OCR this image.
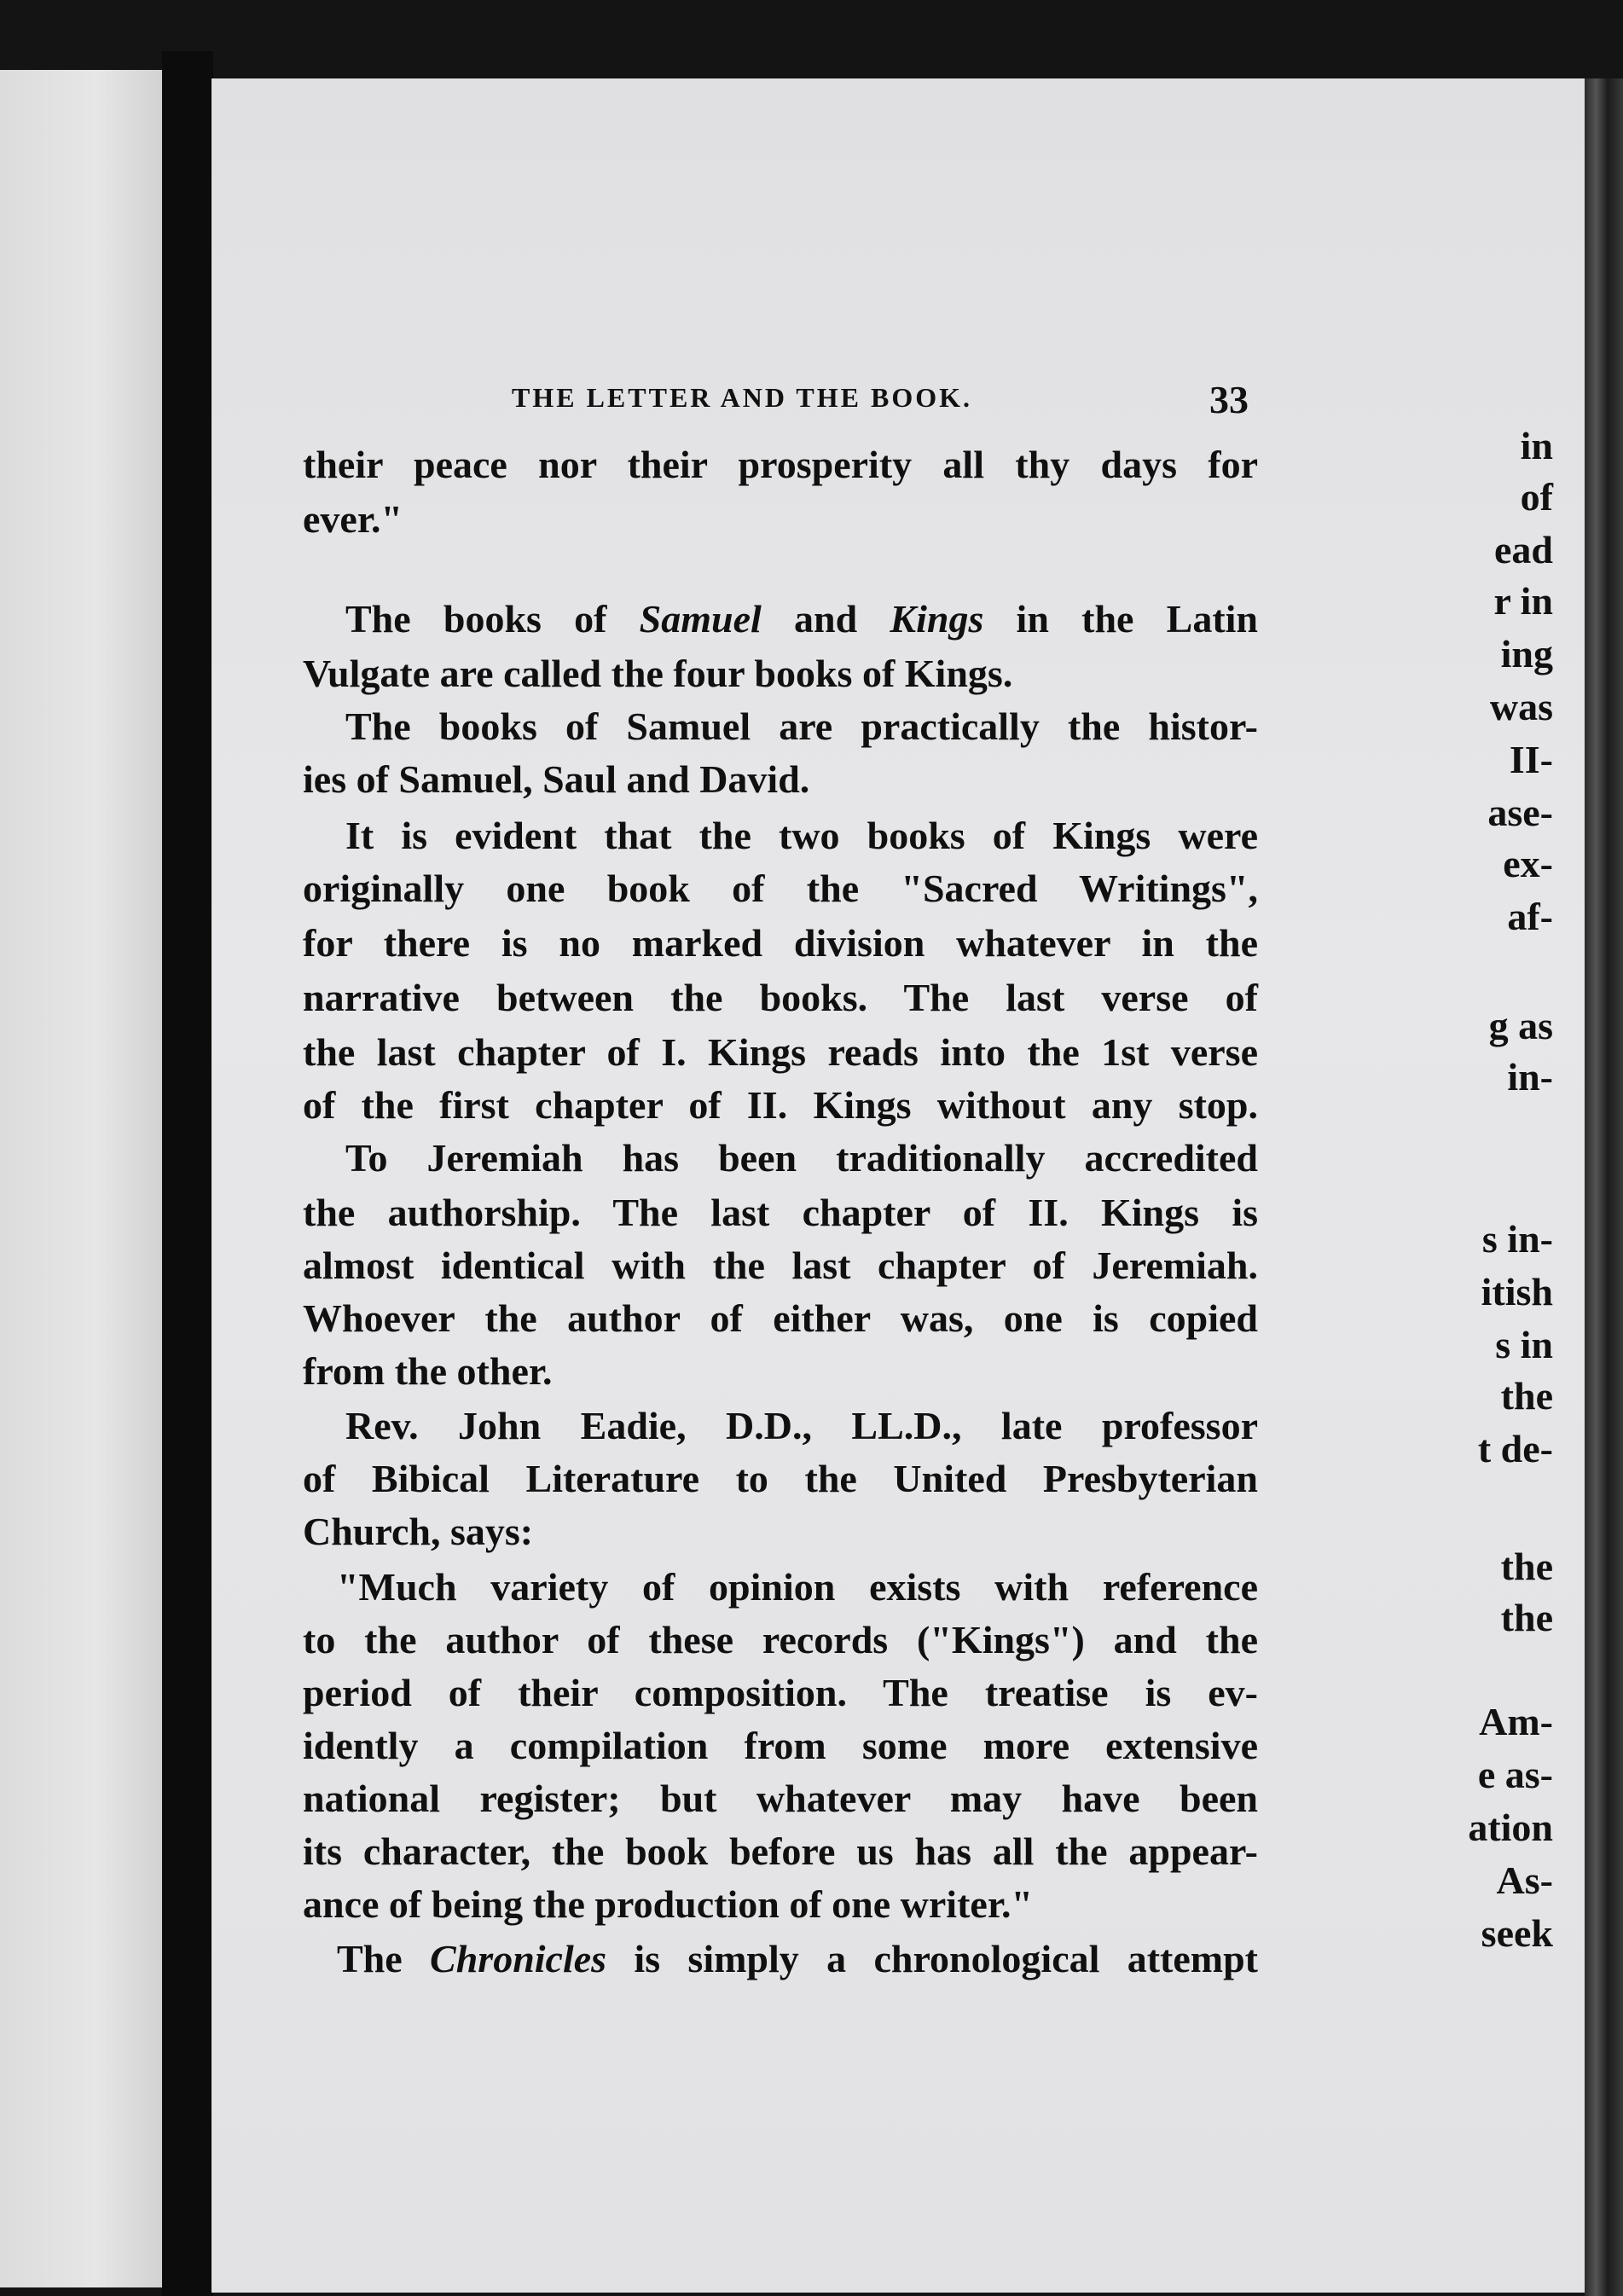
in
of
ead
r in
ing
was
II-
ase-
ex-
af-
g as
in-
s in-
itish
s in
the
t de-
the
the
Am-
e as-
ation
As-
seek
THE LETTER AND THE BOOK.	33
their peace nor their prosperity all thy days for
ever."
The books of Samuel and Kings in the Latin
Vulgate are called the four books of Kings.
The books of Samuel are practically the histor-
ies of Samuel, Saul and David.
It is evident that the two books of Kings were
originally one book of the "Sacred Writings",
for there is no marked division whatever in the
narrative between the books. The last verse of
the last chapter of I. Kings reads into the 1st verse
of the first chapter of II. Kings without any stop.
To Jeremiah has been traditionally accredited
the authorship. The last chapter of II. Kings is
almost identical with the last chapter of Jeremiah.
Whoever the author of either was, one is copied
from the other.
Rev. John Eadie, D.D., LL.D., late professor
of Bibical Literature to the United Presbyterian
Church, says:
"Much variety of opinion exists with reference
to the author of these records ("Kings") and the
period of their composition. The treatise is ev-
idently a compilation from some more extensive
national register; but whatever may have been
its character, the book before us has all the appear-
ance of being the production of one writer."
The Chronicles is simply a chronological attempt
